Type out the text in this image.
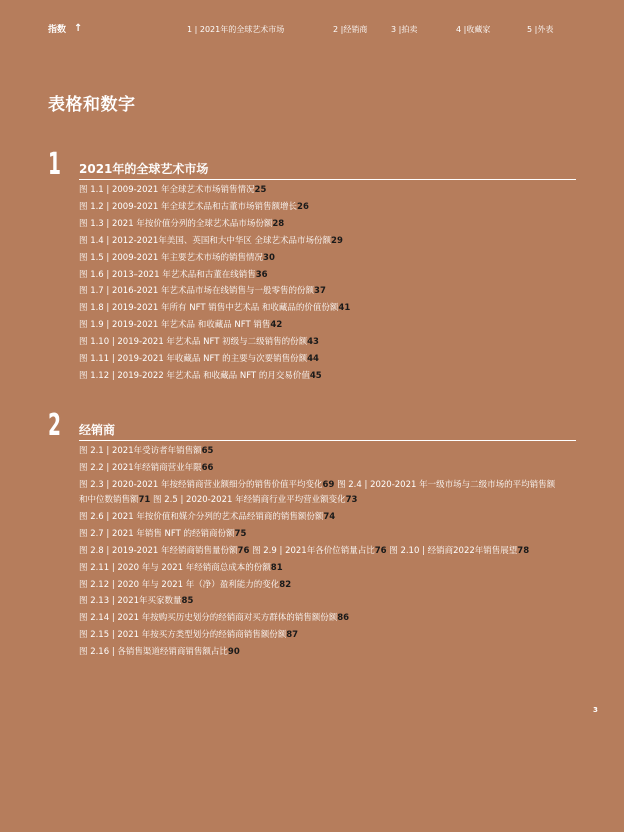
指数 ↑	1 | 2021年的全球艺术市场	2 |经销商	3 |拍卖	4 |收藏家	5 |外表
表格和数字
1 2021年的全球艺术市场
图 1.1 | 2009-2021 年全球艺术市场销售情况25
图 1.2 | 2009-2021 年全球艺术品和古董市场销售额增长26
图 1.3 | 2021 年按价值分列的全球艺术品市场份额28
图 1.4 | 2012-2021年美国、英国和大中华区 全球艺术品市场份额29
图 1.5 | 2009-2021 年主要艺术市场的销售情况30
图 1.6 | 2013–2021 年艺术品和古董在线销售36
图 1.7 | 2016-2021 年艺术品市场在线销售与一般零售的份额37
图 1.8 | 2019-2021 年所有 NFT 销售中艺术品 和收藏品的价值份额41
图 1.9 | 2019-2021 年艺术品 和收藏品 NFT 销售42
图 1.10 | 2019-2021 年艺术品 NFT 初级与二级销售的份额43
图 1.11 | 2019-2021 年收藏品 NFT 的主要与次要销售份额44
图 1.12 | 2019-2022 年艺术品 和收藏品 NFT 的月交易价值45
2 经销商
图 2.1 | 2021年受访者年销售额65
图 2.2 | 2021年经销商营业年限66
图 2.3 | 2020-2021 年按经销商营业额细分的销售价值平均变化69 图 2.4 | 2020-2021 年一级市场与二级市场的平均销售额和中位数销售额71 图 2.5 | 2020-2021 年经销商行业平均营业额变化73
图 2.6 | 2021 年按价值和媒介分列的艺术品经销商的销售额份额74
图 2.7 | 2021 年销售 NFT 的经销商份额75
图 2.8 | 2019-2021 年经销商销售量份额76 图 2.9 | 2021年各价位销量占比76 图 2.10 | 经销商2022年销售展望78
图 2.11 | 2020 年与 2021 年经销商总成本的份额81
图 2.12 | 2020 年与 2021 年（净）盈利能力的变化82
图 2.13 | 2021年买家数量85
图 2.14 | 2021 年按购买历史划分的经销商对买方群体的销售额份额86
图 2.15 | 2021 年按买方类型划分的经销商销售额份额87
图 2.16 | 各销售渠道经销商销售额占比90
3
